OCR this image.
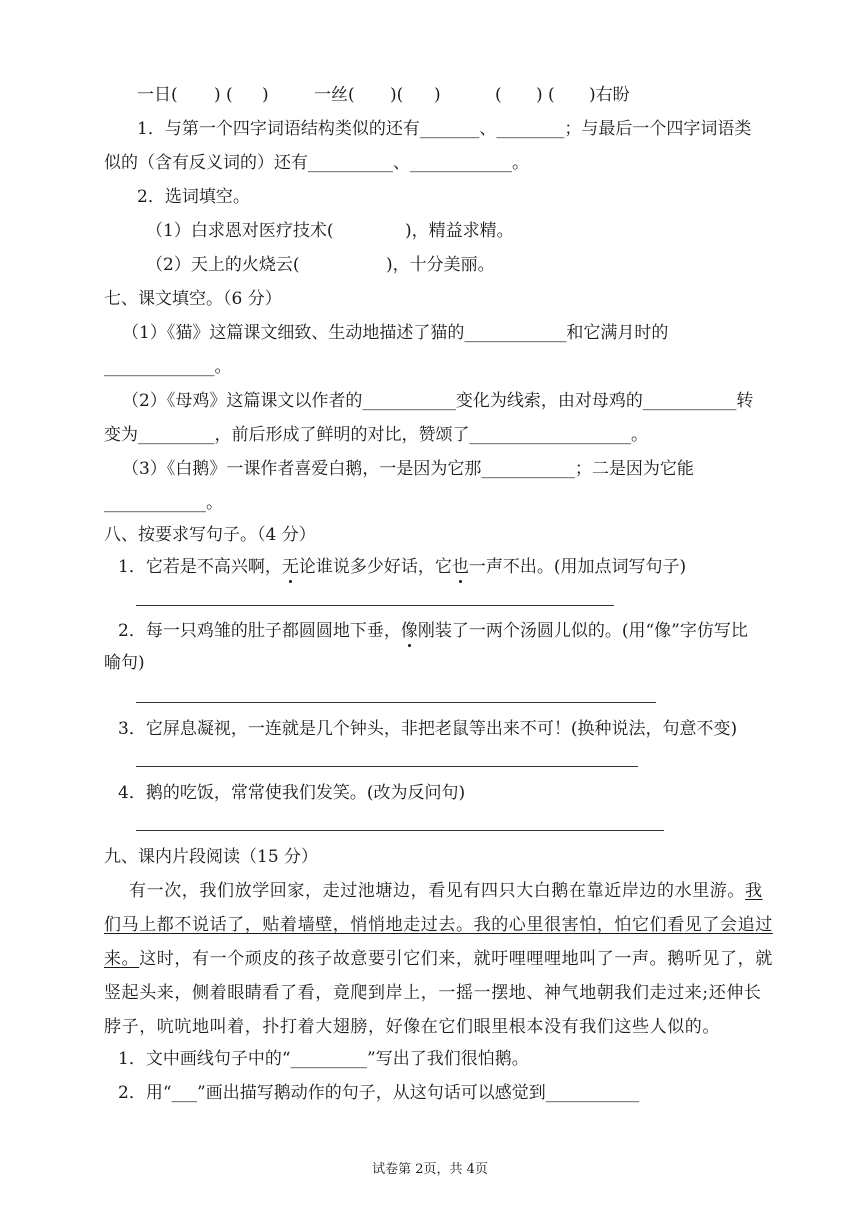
一日( ) ( )	一丝( )( )	( ) ( )右盼
1．与第一个四字词语结构类似的还有_______、________；与最后一个四字词语类
似的（含有反义词的）还有__________、____________。
2．选词填空。
（1）白求恩对医疗技术(	)，精益求精。
（2）天上的火烧云(	)，十分美丽。
七、课文填空。（6 分）
（1）《猫》这篇课文细致、生动地描述了猫的____________和它满月时的
_____________。
（2）《母鸡》这篇课文以作者的___________变化为线索，由对母鸡的___________转
变为_________，前后形成了鲜明的对比，赞颂了___________________。
（3）《白鹅》一课作者喜爱白鹅，一是因为它那___________；二是因为它能
____________。
八、按要求写句子。（4 分）
1．它若是不高兴啊，无论谁说多少好话，它也一声不出。(用加点词写句子)
2．每一只鸡雏的肚子都圆圆地下垂，像刚装了一两个汤圆儿似的。(用“像”字仿写比
喻句)
3．它屏息凝视，一连就是几个钟头，非把老鼠等出来不可！(换种说法，句意不变)
4．鹅的吃饭，常常使我们发笑。(改为反问句)
九、课内片段阅读（15 分）
有一次，我们放学回家，走过池塘边，看见有四只大白鹅在靠近岸边的水里游。我
们马上都不说话了，贴着墙壁，悄悄地走过去。我的心里很害怕，怕它们看见了会追过
来。这时，有一个顽皮的孩子故意要引它们来，就吁哩哩哩地叫了一声。鹅听见了，就
竖起头来，侧着眼睛看了看，竟爬到岸上，一摇一摆地、神气地朝我们走过来;还伸长
脖子，吭吭地叫着，扑打着大翅膀，好像在它们眼里根本没有我们这些人似的。
1．文中画线句子中的“_________”写出了我们很怕鹅。
2．用“___”画出描写鹅动作的句子，从这句话可以感觉到___________
试卷第 2页，共 4页
